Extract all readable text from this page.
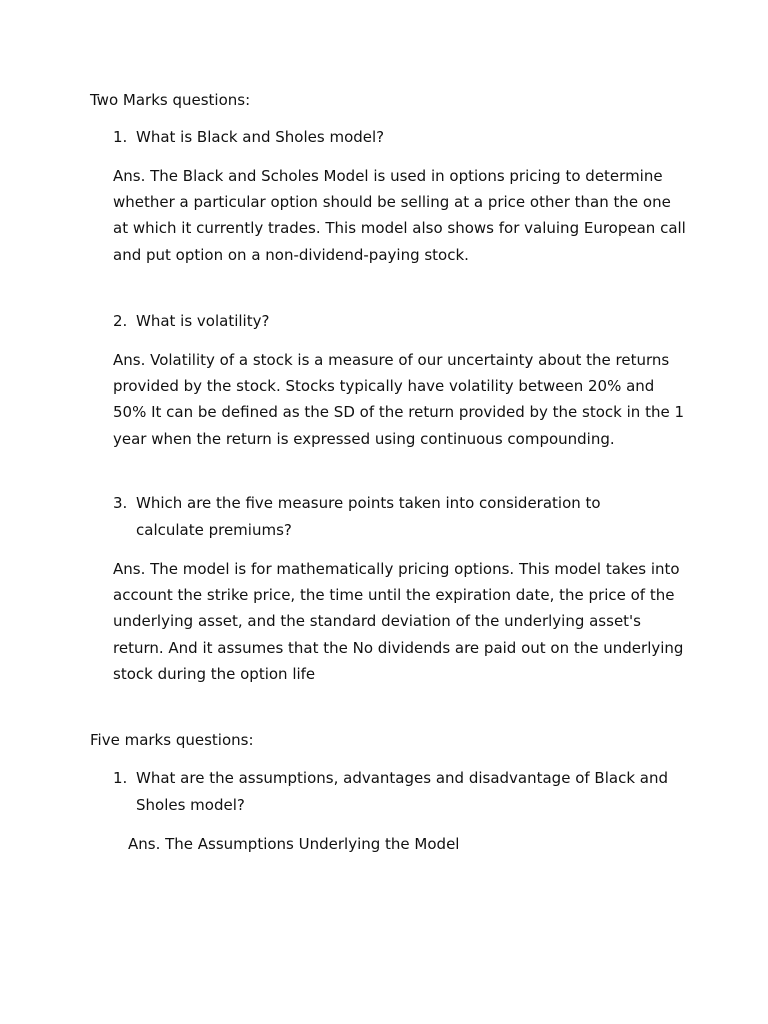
Two Marks questions:
1. What is Black and Sholes model?

Ans. The Black and Scholes Model is used in options pricing to determine whether a particular option should be selling at a price other than the one at which it currently trades. This model also shows for valuing European call and put option on a non-dividend-paying stock.

2. What is volatility?

Ans. Volatility of a stock is a measure of our uncertainty about the returns provided by the stock. Stocks typically have volatility between 20% and 50% It can be defined as the SD of the return provided by the stock in the 1 year when the return is expressed using continuous compounding.

3. Which are the five measure points taken into consideration to calculate premiums?

Ans. The model is for mathematically pricing options. This model takes into account the strike price, the time until the expiration date, the price of the underlying asset, and the standard deviation of the underlying asset's return. And it assumes that the No dividends are paid out on the underlying stock during the option life

Five marks questions:
1. What are the assumptions, advantages and disadvantage of Black and Sholes model?

Ans. The Assumptions Underlying the Model
